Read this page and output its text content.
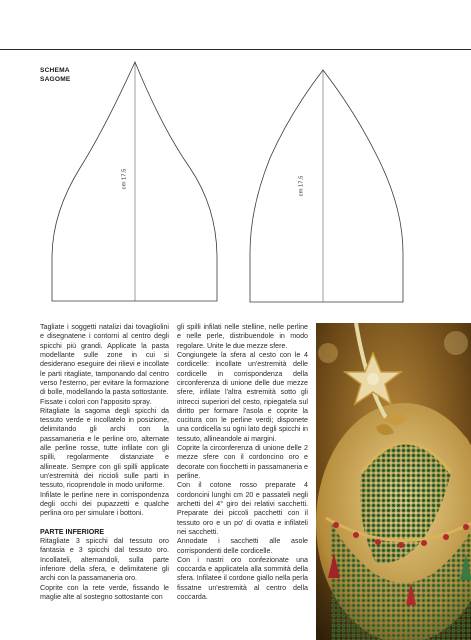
SCHEMA
SAGOME
cm 17.5	cm 17.5

Tagliate i soggetti natalizi dai tovagliolini e disegnatene i contorni al centro degli spicchi più grandi. Applicate la pasta modellante sulle zone in cui si desiderano eseguire dei rilievi e incollate le parti ritagliate, tamponando dal centro verso l'esterno, per evitare la formazione di bolle, modellando la pasta sottostante.

Fissate i colori con l'apposito spray.

Ritagliate la sagoma degli spicchi da tessuto verde e incollatelo in posizione, delimitando gli archi con la passamaneria e le perline oro, alternate alle perline rosse, tutte infilate con gli spilli, regolarmente distanziate e allineate. Sempre con gli spilli applicate un'estremità dei riccioli sulle parti in tessuto, ricoprendole in modo uniforme.

Infilate le perline nere in corrispondenza degli occhi dei pupazzetti e qualche perlina oro per simulare i bottoni.

PARTE INFERIORE

Ritagliate 3 spicchi dal tessuto oro fantasia e 3 spicchi dal tessuto oro. Incollateli, alternandoli, sulla parte inferiore della sfera, e delimitatene gli archi con la passamaneria oro.

Coprite con la rete verde, fissando le maglie alte al sostegno sottostante con

gli spilli infilati nelle stelline, nelle perline e nelle perle, distribuendole in modo regolare. Unite le due mezze sfere.

Congiungete la sfera al cesto con le 4 cordicelle: incollate un'estremità delle cordicelle in corrispondenza della circonferenza di unione delle due mezze sfere, infilate l'altra estremità sotto gli intrecci superiori del cesto, ripiegatela sul diritto per formare l'asola e coprite la cucitura con le perline verdi; disponete una cordicella su ogni lato degli spicchi in tessuto, allineandole ai margini.

Coprite la circonferenza di unione delle 2 mezze sfere con il cordoncino oro e decorate con fiocchetti in passamaneria e perline.

Con il cotone rosso preparate 4 cordoncini lunghi cm 20 e passateli negli archetti del 4° giro dei relativi sacchetti. Preparate dei piccoli pacchetti con il tessuto oro e un po' di ovatta e infilateli nei sacchetti.

Annodate i sacchetti alle asole corrispondenti delle cordicelle.

Con i nastri oro confezionate una coccarda e applicatela alla sommità della sfera. Infilatee il cordone giallo nella perla fissatne un'estremità al centro della coccarda.
